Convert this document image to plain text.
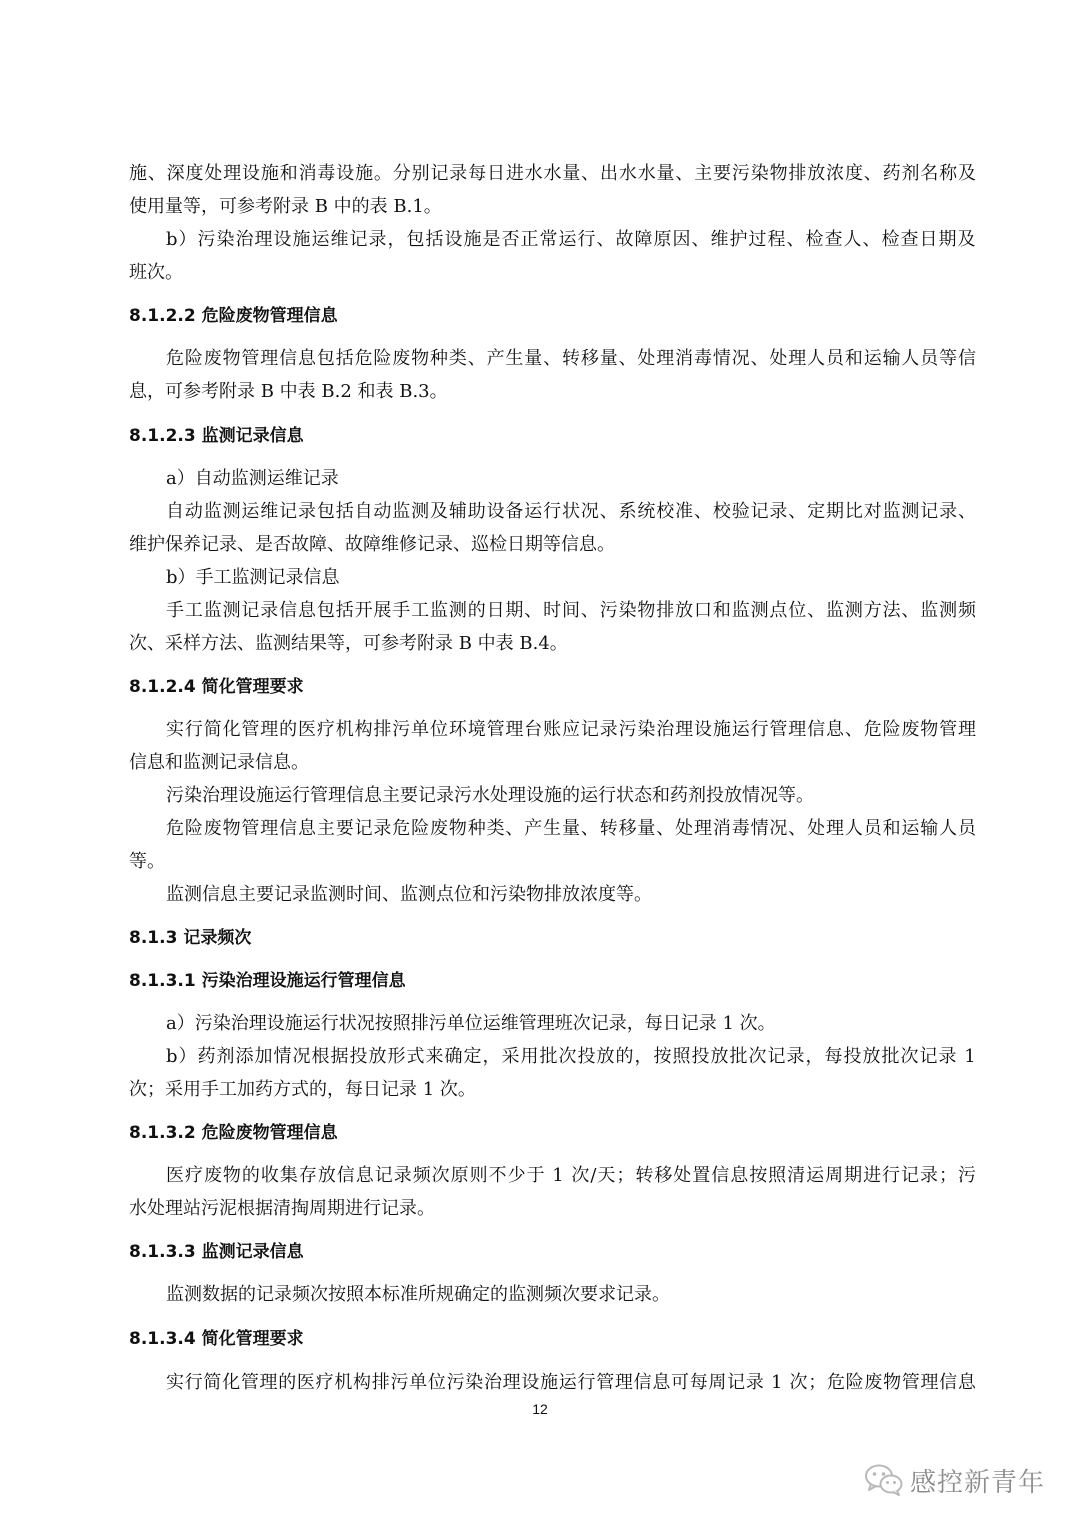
施、深度处理设施和消毒设施。分别记录每日进水水量、出水水量、主要污染物排放浓度、药剂名称及
使用量等，可参考附录 B 中的表 B.1。
b）污染治理设施运维记录，包括设施是否正常运行、故障原因、维护过程、检查人、检查日期及
班次。
8.1.2.2 危险废物管理信息
危险废物管理信息包括危险废物种类、产生量、转移量、处理消毒情况、处理人员和运输人员等信
息，可参考附录 B 中表 B.2 和表 B.3。
8.1.2.3 监测记录信息
a）自动监测运维记录
自动监测运维记录包括自动监测及辅助设备运行状况、系统校准、校验记录、定期比对监测记录、
维护保养记录、是否故障、故障维修记录、巡检日期等信息。
b）手工监测记录信息
手工监测记录信息包括开展手工监测的日期、时间、污染物排放口和监测点位、监测方法、监测频
次、采样方法、监测结果等，可参考附录 B 中表 B.4。
8.1.2.4 简化管理要求
实行简化管理的医疗机构排污单位环境管理台账应记录污染治理设施运行管理信息、危险废物管理
信息和监测记录信息。
污染治理设施运行管理信息主要记录污水处理设施的运行状态和药剂投放情况等。
危险废物管理信息主要记录危险废物种类、产生量、转移量、处理消毒情况、处理人员和运输人员
等。
监测信息主要记录监测时间、监测点位和污染物排放浓度等。
8.1.3 记录频次
8.1.3.1 污染治理设施运行管理信息
a）污染治理设施运行状况按照排污单位运维管理班次记录，每日记录 1 次。
b）药剂添加情况根据投放形式来确定，采用批次投放的，按照投放批次记录，每投放批次记录 1
次；采用手工加药方式的，每日记录 1 次。
8.1.3.2 危险废物管理信息
医疗废物的收集存放信息记录频次原则不少于 1 次/天；转移处置信息按照清运周期进行记录；污
水处理站污泥根据清掏周期进行记录。
8.1.3.3 监测记录信息
监测数据的记录频次按照本标准所规确定的监测频次要求记录。
8.1.3.4 简化管理要求
实行简化管理的医疗机构排污单位污染治理设施运行管理信息可每周记录 1 次；危险废物管理信息
12
感控新青年
